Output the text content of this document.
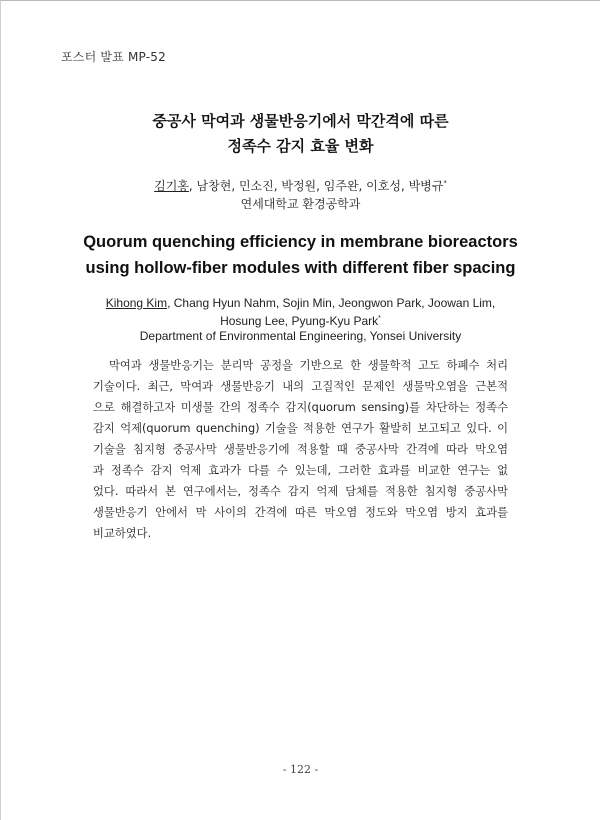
포스터 발표 MP-52
중공사 막여과 생물반응기에서 막간격에 따른
정족수 감지 효율 변화
김기홍, 남창현, 민소진, 박정원, 임주완, 이호성, 박병규*
연세대학교 환경공학과
Quorum quenching efficiency in membrane bioreactors
using hollow-fiber modules with different fiber spacing
Kihong Kim, Chang Hyun Nahm, Sojin Min, Jeongwon Park, Joowan Lim,
Hosung Lee, Pyung-Kyu Park*
Department of Environmental Engineering, Yonsei University
막여과 생물반응기는 분리막 공정을 기반으로 한 생물학적 고도 하폐수 처리
기술이다. 최근, 막여과 생물반응기 내의 고질적인 문제인 생물막오염을 근본적
으로 해결하고자 미생물 간의 정족수 감지(quorum sensing)를 차단하는 정족수
감지 억제(quorum quenching) 기술을 적용한 연구가 활발히 보고되고 있다. 이
기술을 침지형 중공사막 생물반응기에 적용할 때 중공사막 간격에 따라 막오염
과 정족수 감지 억제 효과가 다를 수 있는데, 그러한 효과를 비교한 연구는 없
었다. 따라서 본 연구에서는, 정족수 감지 억제 담체를 적용한 침지형 중공사막
생물반응기 안에서 막 사이의 간격에 따른 막오염 정도와 막오염 방지 효과를
비교하였다.
- 122 -
